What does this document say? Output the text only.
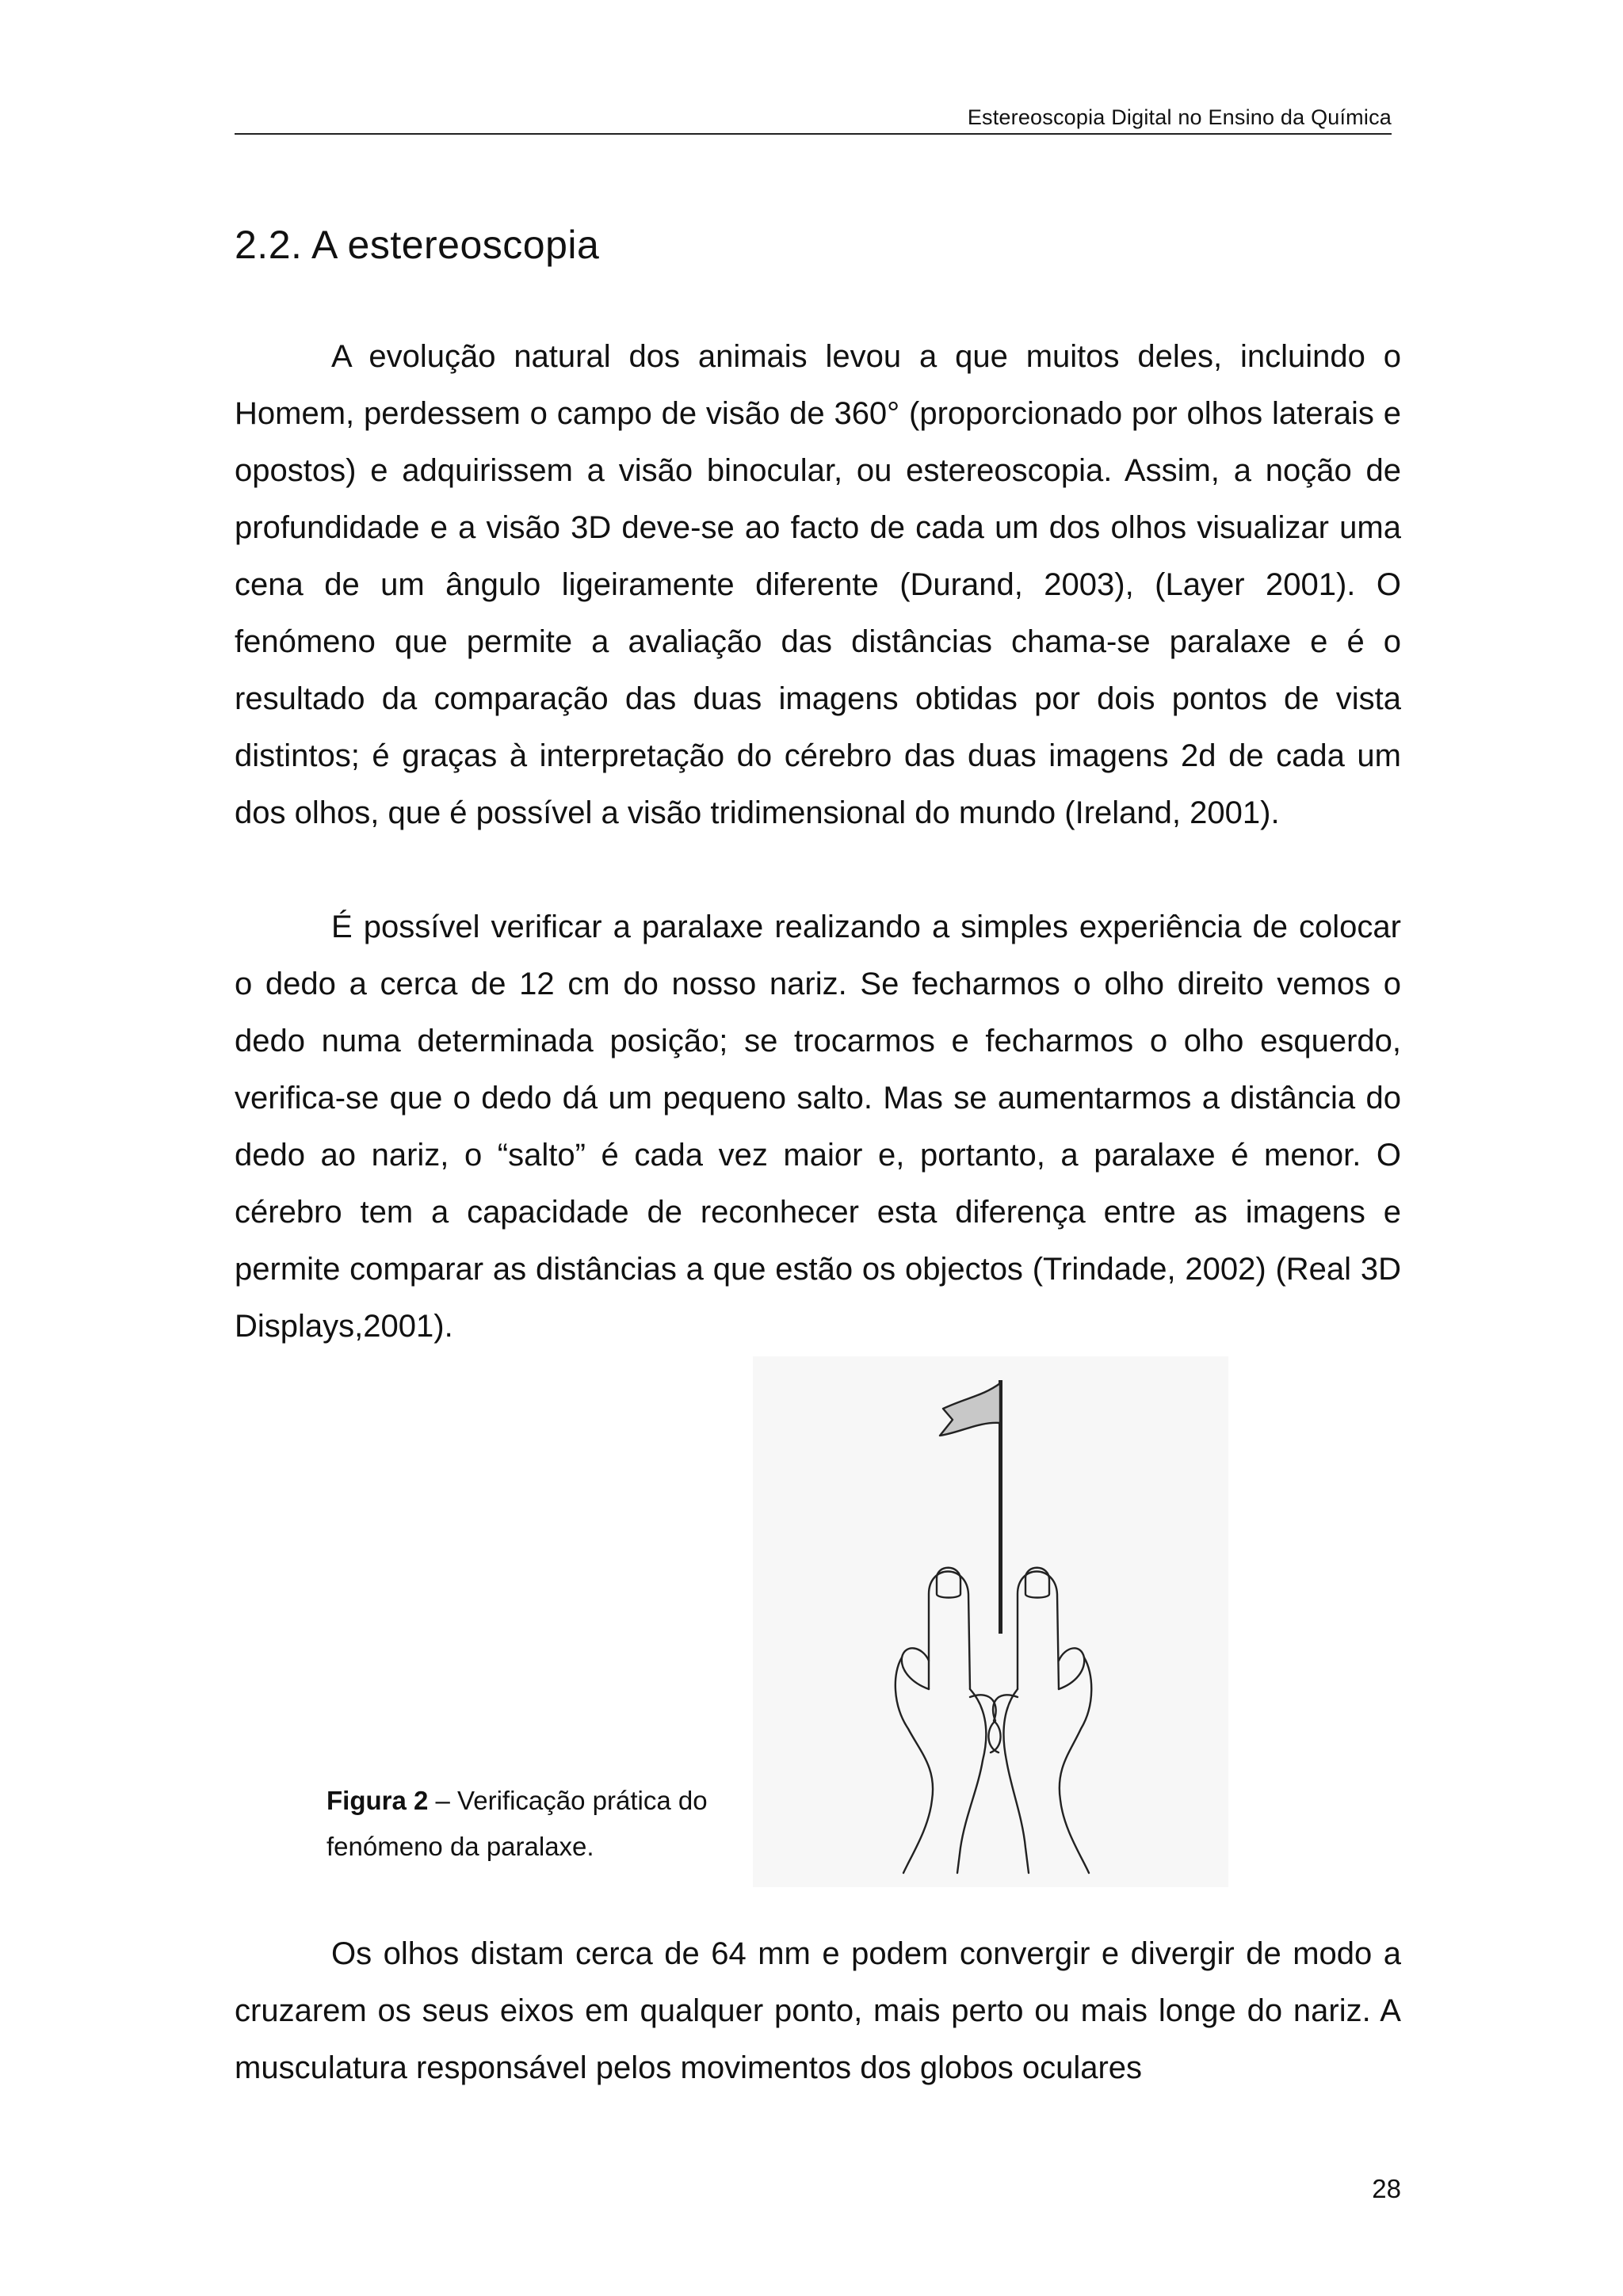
Estereoscopia Digital no Ensino da Química
2.2. A estereoscopia

A evolução natural dos animais levou a que muitos deles, incluindo o Homem, perdessem o campo de visão de 360° (proporcionado por olhos laterais e opostos) e adquirissem a visão binocular, ou estereoscopia. Assim, a noção de profundidade e a visão 3D deve-se ao facto de cada um dos olhos visualizar uma cena de um ângulo ligeiramente diferente (Durand, 2003), (Layer 2001). O fenómeno que permite a avaliação das distâncias chama-se paralaxe e é o resultado da comparação das duas imagens obtidas por dois pontos de vista distintos; é graças à interpretação do cérebro das duas imagens 2d de cada um dos olhos, que é possível a visão tridimensional do mundo (Ireland, 2001).

É possível verificar a paralaxe realizando a simples experiência de colocar o dedo a cerca de 12 cm do nosso nariz. Se fecharmos o olho direito vemos o dedo numa determinada posição; se trocarmos e fecharmos o olho esquerdo, verifica-se que o dedo dá um pequeno salto. Mas se aumentarmos a distância do dedo ao nariz, o “salto” é cada vez maior e, portanto, a paralaxe é menor. O cérebro tem a capacidade de reconhecer esta diferença entre as imagens e permite comparar as distâncias a que estão os objectos (Trindade, 2002) (Real 3D Displays,2001).

Figura 2 – Verificação prática do fenómeno da paralaxe.

Os olhos distam cerca de 64 mm e podem convergir e divergir de modo a cruzarem os seus eixos em qualquer ponto, mais perto ou mais longe do nariz. A musculatura responsável pelos movimentos dos globos oculares

28
